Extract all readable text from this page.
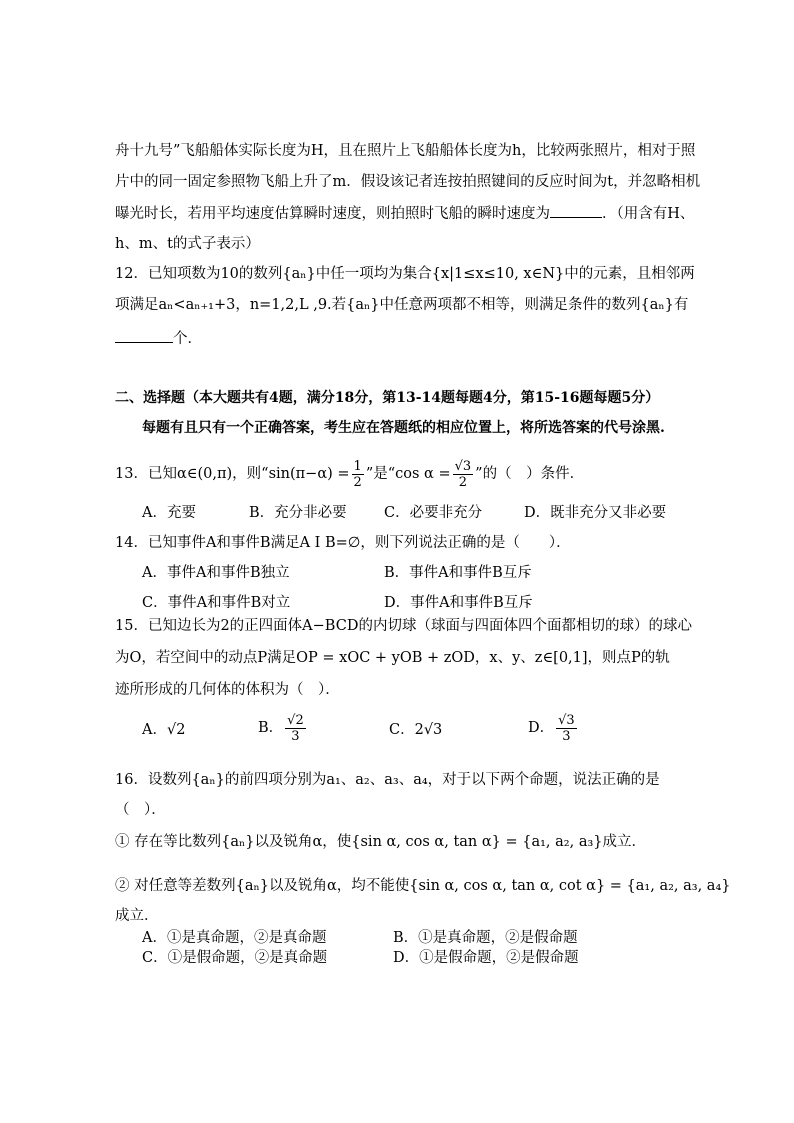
舟十九号”飞船船体实际长度为H，且在照片上飞船船体长度为h，比较两张照片，相对于照
片中的同一固定参照物飞船上升了m．假设该记者连按拍照键间的反应时间为t，并忽略相机
曝光时长，若用平均速度估算瞬时速度，则拍照时飞船的瞬时速度为	．（用含有H、
h、m、t的式子表示）
12．已知项数为10的数列{aₙ}中任一项均为集合{x|1≤x≤10, x∈N}中的元素，且相邻两
项满足aₙ<aₙ₊₁+3，n=1,2,L ,9.若{aₙ}中任意两项都不相等，则满足条件的数列{aₙ}有
个．
二、选择题（本大题共有4题，满分18分，第13-14题每题4分，第15-16题每题5分）
每题有且只有一个正确答案，考生应在答题纸的相应位置上，将所选答案的代号涂黑.
13．已知α∈(0,π)，则“$\sin(\pi-\alpha) = \frac{1}{2}$ ”是“cos $\alpha = \frac{√3}{2}$ ”的（　）条件．
A．充要	B．充分非必要	C．必要非充分	D．既非充分又非必要
14．已知事件A和事件B满足A I B=∅，则下列说法正确的是（　　）．
A．事件A和事件B独立	B．事件A和事件B互斥
C．事件A和事件B对立	D．事件A和事件B互斥
15．已知边长为2的正四面体A−BCD的内切球（球面与四面体四个面都相切的球）的球心
为O，若空间中的动点P满足OP = xOC + yOB + zOD，x、y、z∈[0,1]，则点P的轨
迹所形成的几何体的体积为（　）．
A．√2	B． $\frac{√2}{3}$	C．2√3	D． $\frac{√3}{3}$
16．设数列{aₙ}的前四项分别为a₁、a₂、a₃、a₄，对于以下两个命题，说法正确的是
（　）．
① 存在等比数列{aₙ}以及锐角α，使{sin α, cos α, tan α} = {a₁, a₂, a₃}成立．
② 对任意等差数列{aₙ}以及锐角α，均不能使{sin α, cos α, tan α, cot α} = {a₁, a₂, a₃, a₄}
成立．
A．①是真命题，②是真命题	B．①是真命题，②是假命题
C．①是假命题，②是真命题	D．①是假命题，②是假命题
